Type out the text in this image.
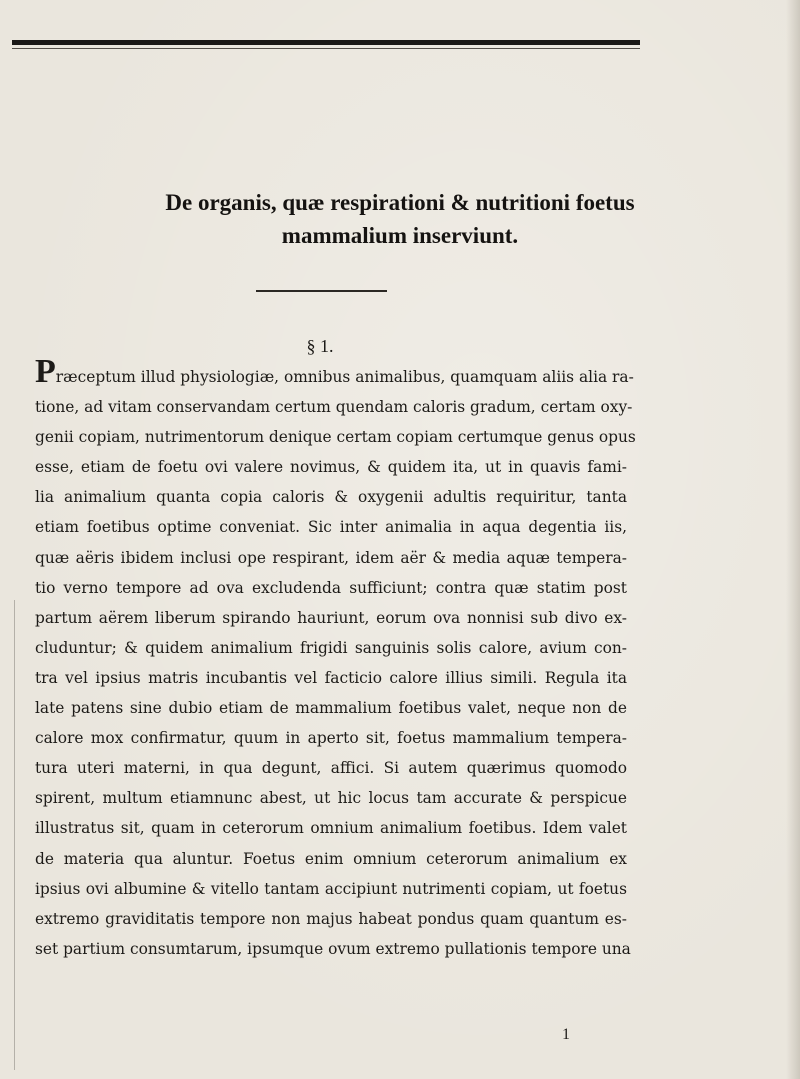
De organis, quæ respirationi & nutritioni foetus
mammalium inserviunt.
§ 1.
Præceptum illud physiologiæ, omnibus animalibus, quamquam aliis alia ra-
tione, ad vitam conservandam certum quendam caloris gradum, certam oxy-
genii copiam, nutrimentorum denique certam copiam certumque genus opus
esse, etiam de foetu ovi valere novimus, & quidem ita, ut in quavis fami-
lia animalium quanta copia caloris & oxygenii adultis requiritur, tanta
etiam foetibus optime conveniat. Sic inter animalia in aqua degentia iis,
quæ aëris ibidem inclusi ope respirant, idem aër & media aquæ tempera-
tio verno tempore ad ova excludenda sufficiunt; contra quæ statim post
partum aërem liberum spirando hauriunt, eorum ova nonnisi sub divo ex-
cluduntur; & quidem animalium frigidi sanguinis solis calore, avium con-
tra vel ipsius matris incubantis vel facticio calore illius simili. Regula ita
late patens sine dubio etiam de mammalium foetibus valet, neque non de
calore mox confirmatur, quum in aperto sit, foetus mammalium tempera-
tura uteri materni, in qua degunt, affici. Si autem quærimus quomodo
spirent, multum etiamnunc abest, ut hic locus tam accurate & perspicue
illustratus sit, quam in ceterorum omnium animalium foetibus. Idem valet
de materia qua aluntur. Foetus enim omnium ceterorum animalium ex
ipsius ovi albumine & vitello tantam accipiunt nutrimenti copiam, ut foetus
extremo graviditatis tempore non majus habeat pondus quam quantum es-
set partium consumtarum, ipsumque ovum extremo pullationis tempore una
1
